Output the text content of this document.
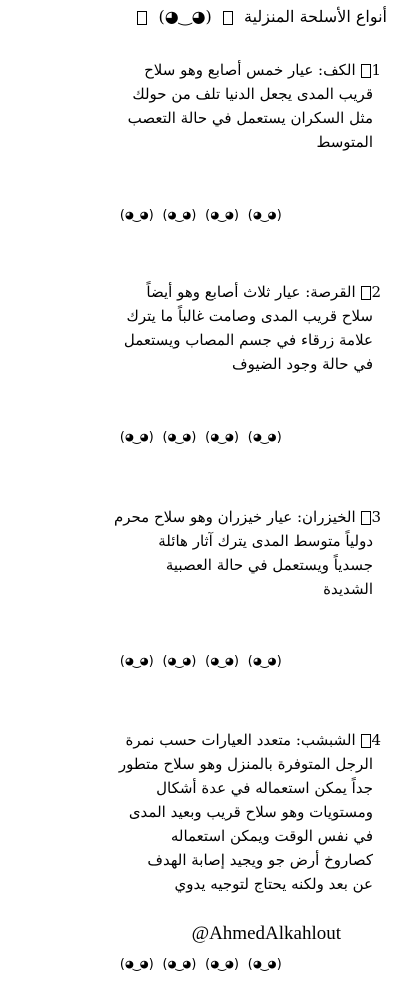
أنواع الأسلحة المنزلية  (◕‿◕)
1 الكف: عيار خمس أصابع وهو سلاح
قريب المدى يجعل الدنيا تلف من حولك
مثل السكران يستعمل في حالة التعصب
المتوسط
(◕‿◕) (◕‿◕) (◕‿◕) (◕‿◕)
2 القرصة: عيار ثلاث أصابع وهو أيضاً
سلاح قريب المدى وصامت غالباً ما يترك
علامة زرقاء في جسم المصاب ويستعمل
في حالة وجود الضيوف
(◕‿◕) (◕‿◕) (◕‿◕) (◕‿◕)
3 الخيزران: عيار خيزران وهو سلاح محرم
دولياً متوسط المدى يترك آثار هائلة
جسدياً ويستعمل في حالة العصبية
الشديدة
(◕‿◕) (◕‿◕) (◕‿◕) (◕‿◕)
4 الشبشب: متعدد العيارات حسب نمرة
الرجل المتوفرة بالمنزل وهو سلاح متطور
جداً يمكن استعماله في عدة أشكال
ومستويات وهو سلاح قريب وبعيد المدى
في نفس الوقت ويمكن استعماله
كصاروخ أرض جو ويجيد إصابة الهدف
عن بعد ولكنه يحتاج لتوجيه يدوي
@AhmedAlkahlout
(◕‿◕) (◕‿◕) (◕‿◕) (◕‿◕)
